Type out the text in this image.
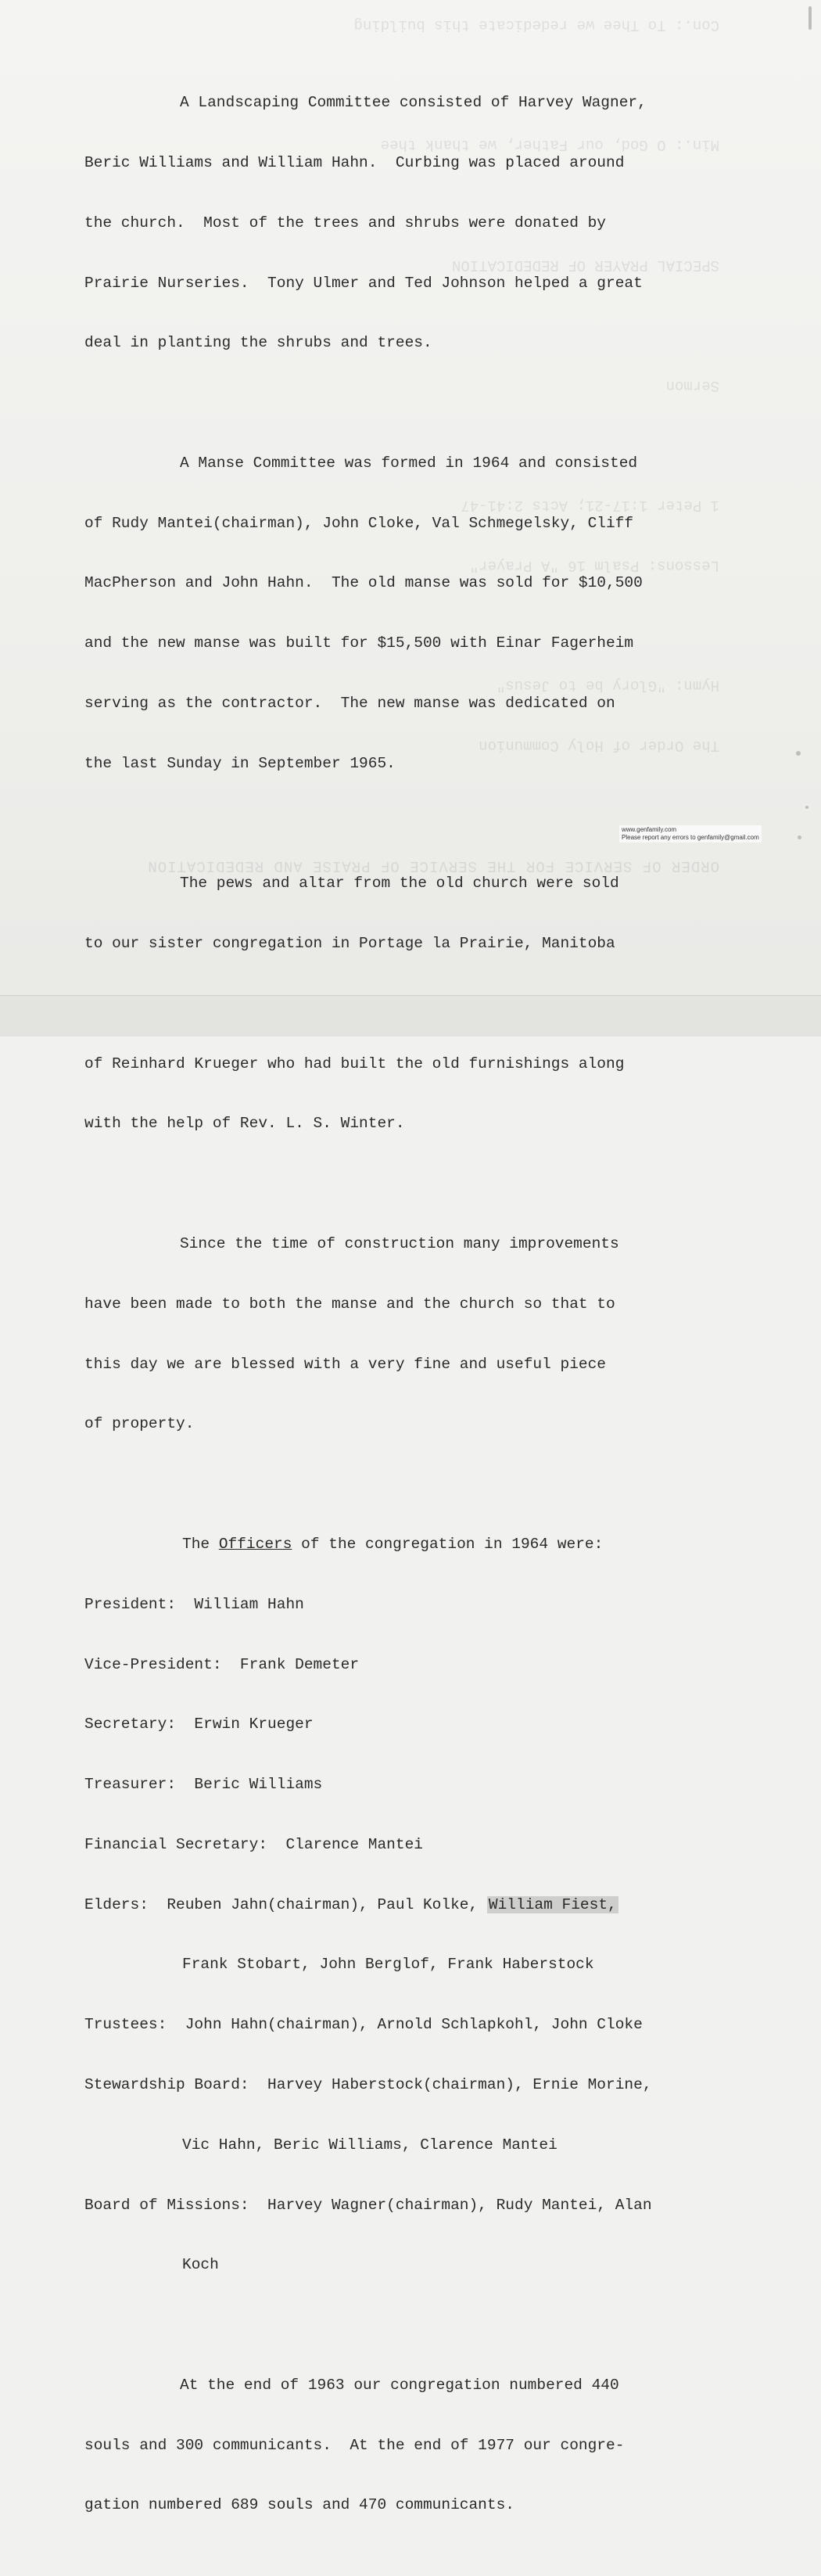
ORDER OF SERVICE FOR THE SERVICE OF PRAISE AND REDEDICATION

The Order of Holy Communion

Hymn: "Glory be to Jesus"

Lessons: Psalm 16 "A Prayer"

1 Peter 1:17-21; Acts 2:41-47

Sermon

SPECIAL PRAYER OF REDEDICATION

Min.: O God, our Father, we thank thee

Con.: To Thee we rededicate this building

A Landscaping Committee consisted of Harvey Wagner,

Beric Williams and William Hahn.  Curbing was placed around

the church.  Most of the trees and shrubs were donated by

Prairie Nurseries.  Tony Ulmer and Ted Johnson helped a great

deal in planting the shrubs and trees.

A Manse Committee was formed in 1964 and consisted

of Rudy Mantei(chairman), John Cloke, Val Schmegelsky, Cliff

MacPherson and John Hahn.  The old manse was sold for $10,500

and the new manse was built for $15,500 with Einar Fagerheim

serving as the contractor.  The new manse was dedicated on

the last Sunday in September 1965.

The pews and altar from the old church were sold

to our sister congregation in Portage la Prairie, Manitoba

of Reinhard Krueger who had built the old furnishings along

with the help of Rev. L. S. Winter.

Since the time of construction many improvements

have been made to both the manse and the church so that to

this day we are blessed with a very fine and useful piece

of property.

The Officers of the congregation in 1964 were:

President:  William Hahn

Vice-President:  Frank Demeter

Secretary:  Erwin Krueger

Treasurer:  Beric Williams

Financial Secretary:  Clarence Mantei

Elders:  Reuben Jahn(chairman), Paul Kolke, William Fiest,

Frank Stobart, John Berglof, Frank Haberstock

Trustees:  John Hahn(chairman), Arnold Schlapkohl, John Cloke

Stewardship Board:  Harvey Haberstock(chairman), Ernie Morine,

Vic Hahn, Beric Williams, Clarence Mantei

Board of Missions:  Harvey Wagner(chairman), Rudy Mantei, Alan

Koch

At the end of 1963 our congregation numbered 440

souls and 300 communicants.  At the end of 1977 our congre-

gation numbered 689 souls and 470 communicants.

www.genfamily.com
Please report any errors to genfamily@gmail.com
